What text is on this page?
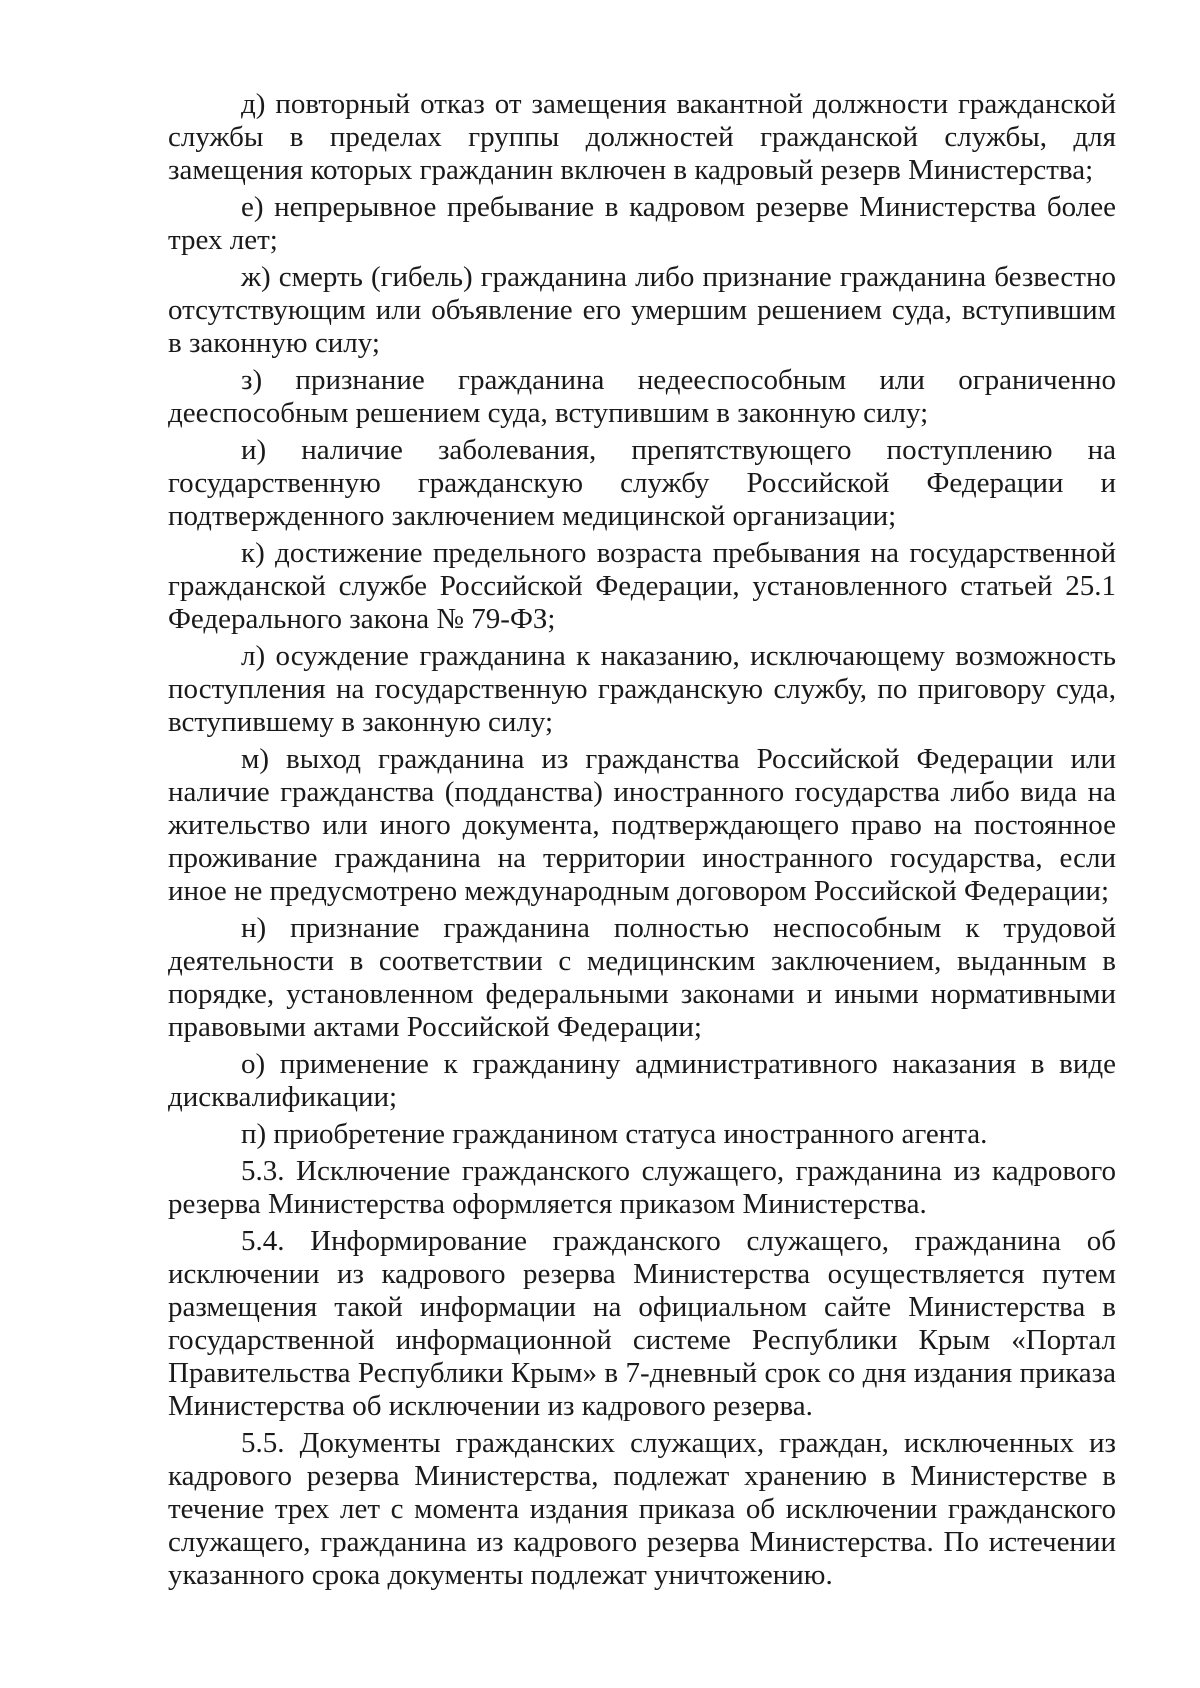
д) повторный отказ от замещения вакантной должности гражданской службы в пределах группы должностей гражданской службы, для замещения которых гражданин включен в кадровый резерв Министерства;

е) непрерывное пребывание в кадровом резерве Министерства более трех лет;

ж) смерть (гибель) гражданина либо признание гражданина безвестно отсутствующим или объявление его умершим решением суда, вступившим в законную силу;

з) признание гражданина недееспособным или ограниченно дееспособным решением суда, вступившим в законную силу;

и) наличие заболевания, препятствующего поступлению на государственную гражданскую службу Российской Федерации и подтвержденного заключением медицинской организации;

к) достижение предельного возраста пребывания на государственной гражданской службе Российской Федерации, установленного статьей 25.1 Федерального закона № 79-ФЗ;

л) осуждение гражданина к наказанию, исключающему возможность поступления на государственную гражданскую службу, по приговору суда, вступившему в законную силу;

м) выход гражданина из гражданства Российской Федерации или наличие гражданства (подданства) иностранного государства либо вида на жительство или иного документа, подтверждающего право на постоянное проживание гражданина на территории иностранного государства, если иное не предусмотрено международным договором Российской Федерации;

н) признание гражданина полностью неспособным к трудовой деятельности в соответствии с медицинским заключением, выданным в порядке, установленном федеральными законами и иными нормативными правовыми актами Российской Федерации;

о) применение к гражданину административного наказания в виде дисквалификации;

п) приобретение гражданином статуса иностранного агента.

5.3. Исключение гражданского служащего, гражданина из кадрового резерва Министерства оформляется приказом Министерства.

5.4. Информирование гражданского служащего, гражданина об исключении из кадрового резерва Министерства осуществляется путем размещения такой информации на официальном сайте Министерства в государственной информационной системе Республики Крым «Портал Правительства Республики Крым» в 7-дневный срок со дня издания приказа Министерства об исключении из кадрового резерва.

5.5. Документы гражданских служащих, граждан, исключенных из кадрового резерва Министерства, подлежат хранению в Министерстве в течение трех лет с момента издания приказа об исключении гражданского служащего, гражданина из кадрового резерва Министерства. По истечении указанного срока документы подлежат уничтожению.
